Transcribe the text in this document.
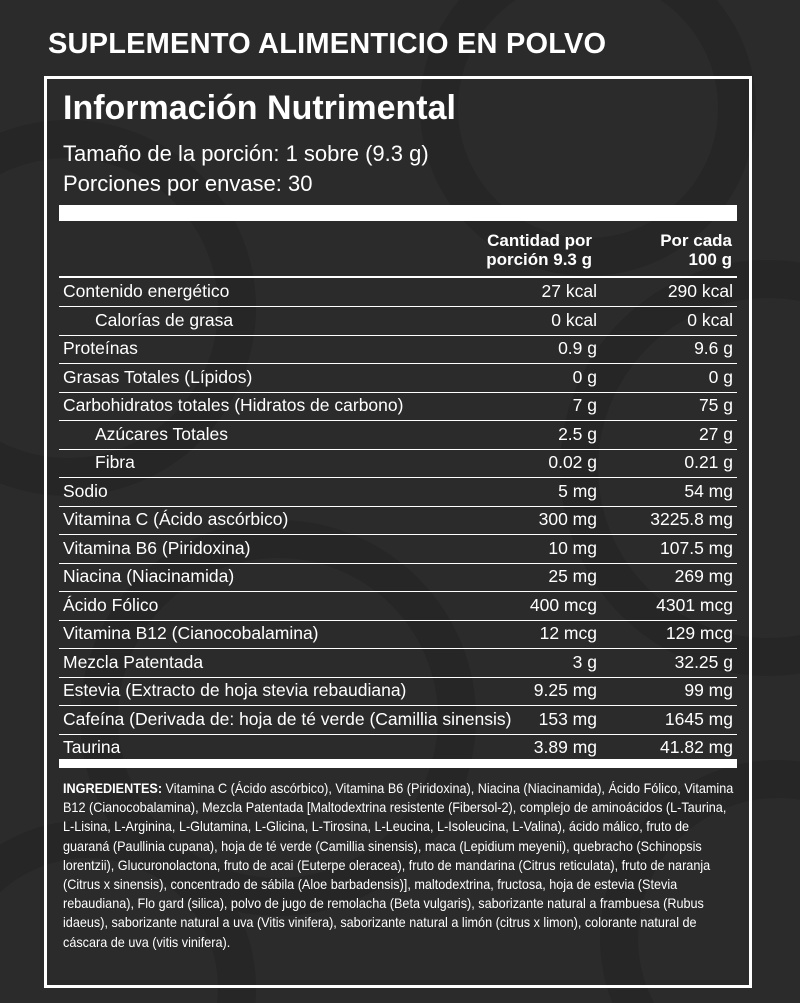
SUPLEMENTO ALIMENTICIO EN POLVO
Información Nutrimental
Tamaño de la porción: 1 sobre (9.3 g)
Porciones por envase: 30
Cantidad por
porción 9.3 g
Por cada
100 g
Contenido energético	27 kcal	290 kcal
Calorías de grasa	0 kcal	0 kcal
Proteínas	0.9 g	9.6 g
Grasas Totales (Lípidos)	0 g	0 g
Carbohidratos totales (Hidratos de carbono)	7 g	75 g
Azúcares Totales	2.5 g	27 g
Fibra	0.02 g	0.21 g
Sodio	5 mg	54 mg
Vitamina C (Ácido ascórbico)	300 mg	3225.8 mg
Vitamina B6 (Piridoxina)	10 mg	107.5 mg
Niacina (Niacinamida)	25 mg	269 mg
Ácido Fólico	400 mcg	4301 mcg
Vitamina B12 (Cianocobalamina)	12 mcg	129 mcg
Mezcla Patentada	3 g	32.25 g
Estevia (Extracto de hoja stevia rebaudiana)	9.25 mg	99 mg
Cafeína (Derivada de: hoja de té verde (Camillia sinensis) 153 mg	1645 mg
Taurina	3.89 mg	41.82 mg
INGREDIENTES: Vitamina C (Ácido ascórbico), Vitamina B6 (Piridoxina), Niacina (Niacinamida), Ácido Fólico, Vitamina B12 (Cianocobalamina), Mezcla Patentada [Maltodextrina resistente (Fibersol-2), complejo de aminoácidos (L-Taurina, L-Lisina, L-Arginina, L-Glutamina, L-Glicina, L-Tirosina, L-Leucina, L-Isoleucina, L-Valina), ácido málico, fruto de guaraná (Paullinia cupana), hoja de té verde (Camillia sinensis), maca (Lepidium meyenii), quebracho (Schinopsis lorentzii), Glucuronolactona, fruto de acai (Euterpe oleracea), fruto de mandarina (Citrus reticulata), fruto de naranja (Citrus x sinensis), concentrado de sábila (Aloe barbadensis)], maltodextrina, fructosa, hoja de estevia (Stevia rebaudiana), Flo gard (silica), polvo de jugo de remolacha (Beta vulgaris), saborizante natural a frambuesa (Rubus idaeus), saborizante natural a uva (Vitis vinifera), saborizante natural a limón (citrus x limon), colorante natural de cáscara de uva (vitis vinifera).
